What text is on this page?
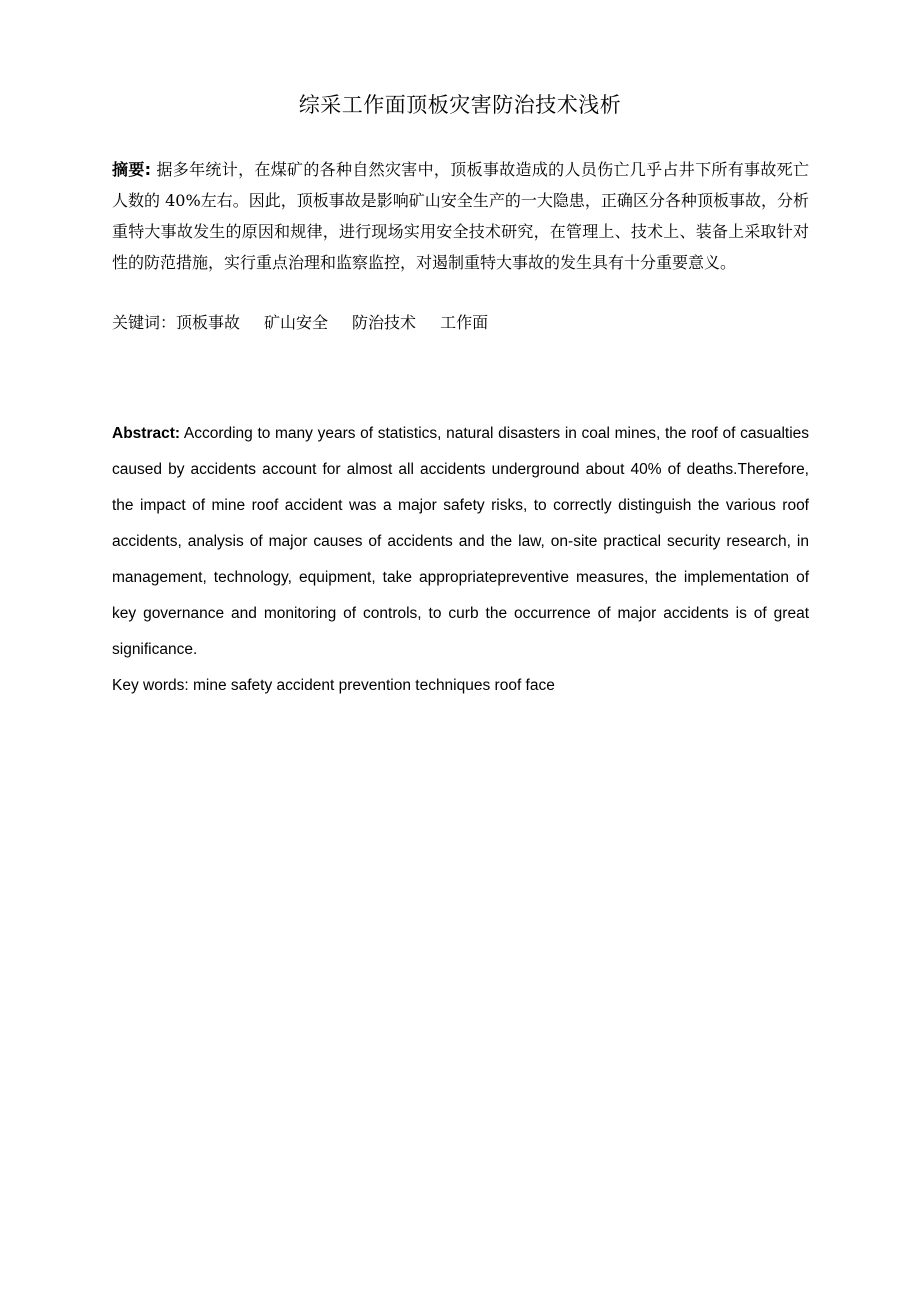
综采工作面顶板灾害防治技术浅析
摘要: 据多年统计，在煤矿的各种自然灾害中，顶板事故造成的人员伤亡几乎占井下所有事故死亡人数的 40%左右。因此，顶板事故是影响矿山安全生产的一大隐患，正确区分各种顶板事故，分析重特大事故发生的原因和规律，进行现场实用安全技术研究，在管理上、技术上、装备上采取针对性的防范措施，实行重点治理和监察监控，对遏制重特大事故的发生具有十分重要意义。
关键词：顶板事故 矿山安全 防治技术 工作面
Abstract: According to many years of statistics, natural disasters in coal mines, the roof of casualties caused by accidents account for almost all accidents underground about 40% of deaths.Therefore, the impact of mine roof accident was a major safety risks, to correctly distinguish the various roof accidents, analysis of major causes of accidents and the law, on-site practical security research, in management, technology, equipment, take appropriatepreventive measures, the implementation of key governance and monitoring of controls, to curb the occurrence of major accidents is of great significance.
Key words: mine safety accident prevention techniques roof face
